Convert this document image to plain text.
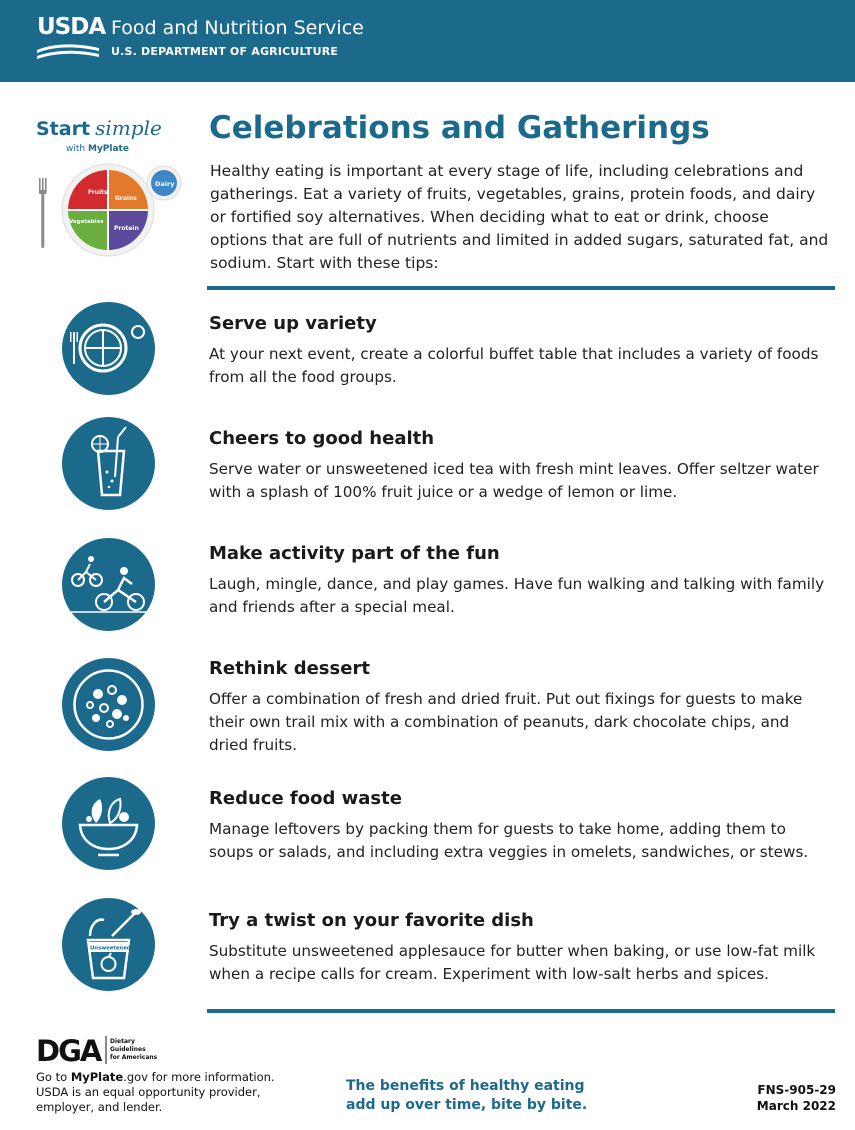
USDA Food and Nutrition Service
U.S. DEPARTMENT OF AGRICULTURE
Start simple
with MyPlate
Fruits
Grains
Vegetables
Protein
Dairy
Celebrations and Gatherings
Healthy eating is important at every stage of life, including celebrations and gatherings. Eat a variety of fruits, vegetables, grains, protein foods, and dairy or fortified soy alternatives. When deciding what to eat or drink, choose options that are full of nutrients and limited in added sugars, saturated fat, and sodium. Start with these tips:
Serve up variety
At your next event, create a colorful buffet table that includes a variety of foods from all the food groups.
Cheers to good health
Serve water or unsweetened iced tea with fresh mint leaves. Offer seltzer water with a splash of 100% fruit juice or a wedge of lemon or lime.
Make activity part of the fun
Laugh, mingle, dance, and play games. Have fun walking and talking with family and friends after a special meal.
Rethink dessert
Offer a combination of fresh and dried fruit. Put out fixings for guests to make their own trail mix with a combination of peanuts, dark chocolate chips, and dried fruits.
Reduce food waste
Manage leftovers by packing them for guests to take home, adding them to soups or salads, and including extra veggies in omelets, sandwiches, or stews.
Unsweetened
Try a twist on your favorite dish
Substitute unsweetened applesauce for butter when baking, or use low-fat milk when a recipe calls for cream. Experiment with low-salt herbs and spices.
DGA	Dietary
Guidelines
for Americans
Go to MyPlate.gov for more information.
USDA is an equal opportunity provider, employer, and lender.
The benefits of healthy eating
add up over time, bite by bite.
FNS-905-29
March 2022
